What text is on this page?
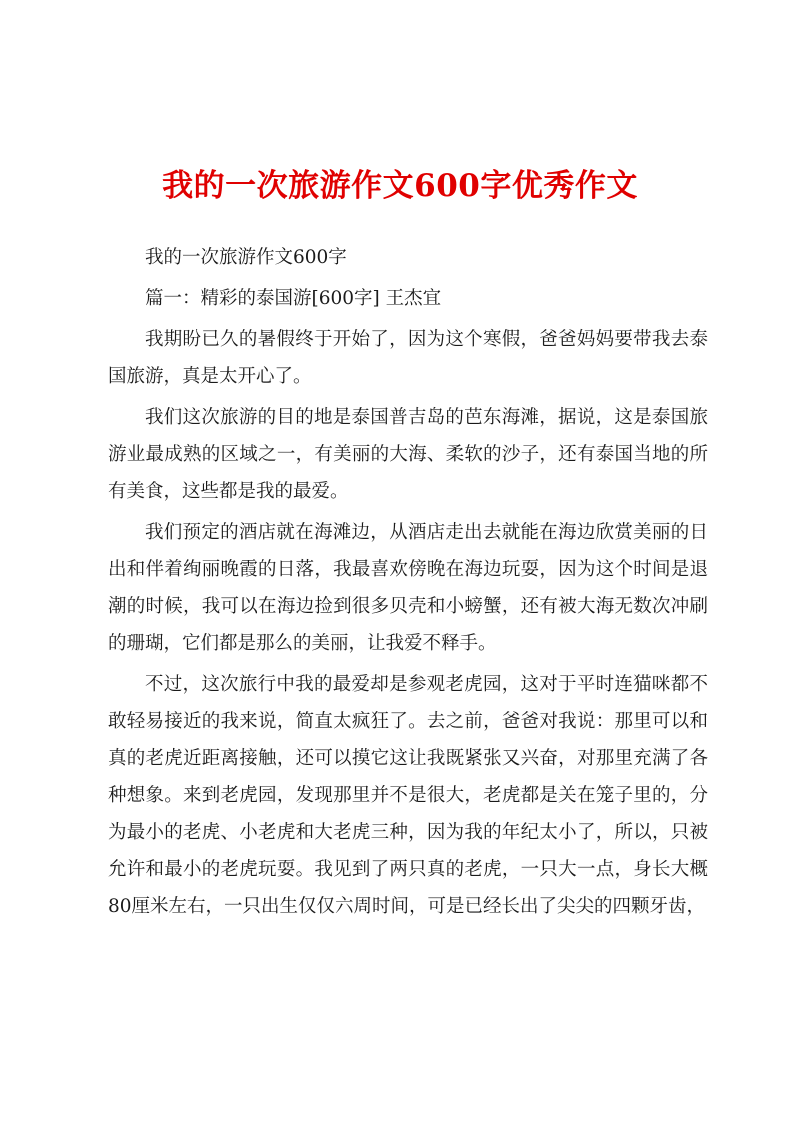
我的一次旅游作文600字优秀作文

我的一次旅游作文600字

篇一：精彩的泰国游[600字] 王杰宜

我期盼已久的暑假终于开始了，因为这个寒假，爸爸妈妈要带我去泰国旅游，真是太开心了。

我们这次旅游的目的地是泰国普吉岛的芭东海滩，据说，这是泰国旅游业最成熟的区域之一，有美丽的大海、柔软的沙子，还有泰国当地的所有美食，这些都是我的最爱。

我们预定的酒店就在海滩边，从酒店走出去就能在海边欣赏美丽的日出和伴着绚丽晚霞的日落，我最喜欢傍晚在海边玩耍，因为这个时间是退潮的时候，我可以在海边捡到很多贝壳和小螃蟹，还有被大海无数次冲刷的珊瑚，它们都是那么的美丽，让我爱不释手。

不过，这次旅行中我的最爱却是参观老虎园，这对于平时连猫咪都不敢轻易接近的我来说，简直太疯狂了。去之前，爸爸对我说：那里可以和真的老虎近距离接触，还可以摸它这让我既紧张又兴奋，对那里充满了各种想象。来到老虎园，发现那里并不是很大，老虎都是关在笼子里的，分为最小的老虎、小老虎和大老虎三种，因为我的年纪太小了，所以，只被允许和最小的老虎玩耍。我见到了两只真的老虎，一只大一点，身长大概80厘米左右，一只出生仅仅六周时间，可是已经长出了尖尖的四颗牙齿，
